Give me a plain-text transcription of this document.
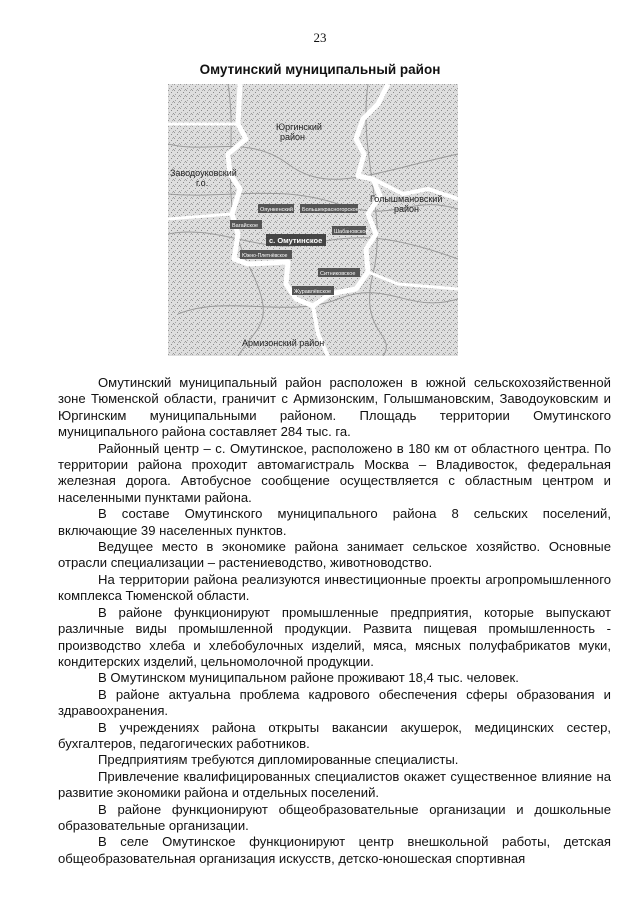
23
Омутинский муниципальный район
Юргинский
район
Заводоуковский
г.о.
Голышмановский
район
Армизонский район
Ояункенский Большекрасногорское
Вагайское
Шабановское
с. Омутинское
Южно-Плетнёвское
Ситниковское
Журавлёвское

Омутинский муниципальный район расположен в южной сельскохозяйственной зоне Тюменской области, граничит с Армизонским, Голышмановским, Заводоуковским и Юргинским муниципальными районом. Площадь территории Омутинского муниципального района составляет 284 тыс. га.

Районный центр – с. Омутинское, расположено в 180 км от областного центра. По территории района проходит автомагистраль Москва – Владивосток, федеральная железная дорога. Автобусное сообщение осуществляется с областным центром и населенными пунктами района.

В составе Омутинского муниципального района 8 сельских поселений, включающие 39 населенных пунктов.

Ведущее место в экономике района занимает сельское хозяйство. Основные отрасли специализации – растениеводство, животноводство.

На территории района реализуются инвестиционные проекты агропромышленного комплекса Тюменской области.

В районе функционируют промышленные предприятия, которые выпускают различные виды промышленной продукции. Развита пищевая промышленность - производство хлеба и хлебобулочных изделий, мяса, мясных полуфабрикатов муки, кондитерских изделий, цельномолочной продукции.

В Омутинском муниципальном районе проживают 18,4 тыс. человек.

В районе актуальна проблема кадрового обеспечения сферы образования и здравоохранения.

В учреждениях района открыты вакансии акушерок, медицинских сестер, бухгалтеров, педагогических работников.

Предприятиям требуются дипломированные специалисты.

Привлечение квалифицированных специалистов окажет существенное влияние на развитие экономики района и отдельных поселений.

В районе функционируют общеобразовательные организации и дошкольные образовательные организации.

В селе Омутинское функционируют центр внешкольной работы, детская общеобразовательная организация искусств, детско-юношеская спортивная
